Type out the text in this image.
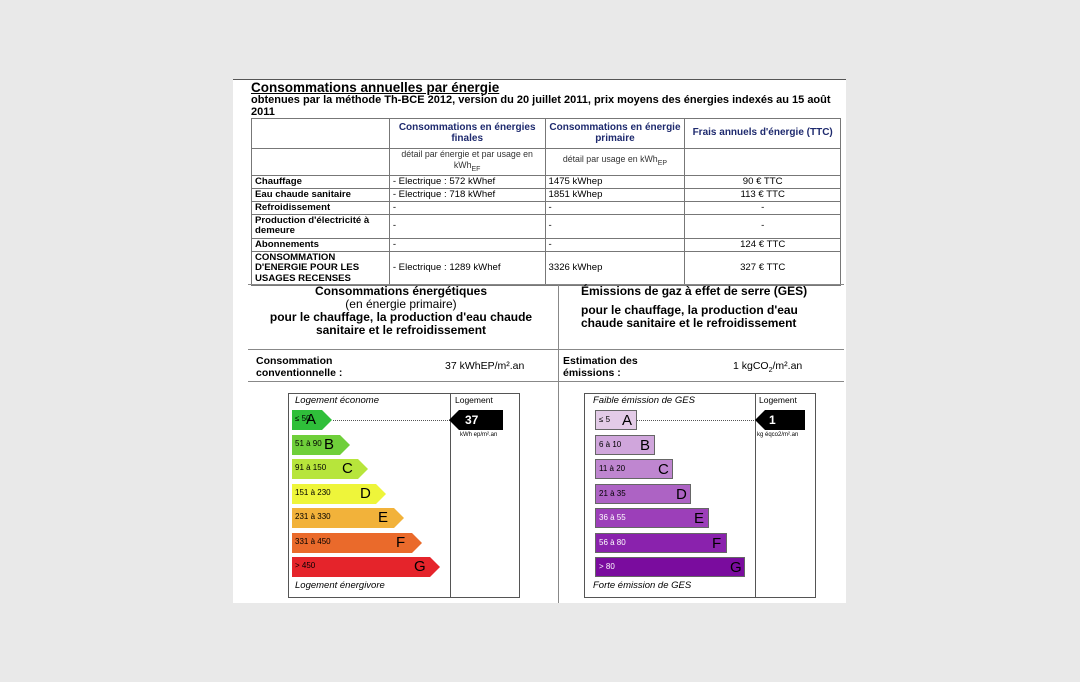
Consommations annuelles par énergie
obtenues par la méthode Th-BCE 2012, version du 20 juillet 2011, prix moyens des énergies indexés au 15 août 2011
	Consommations en énergies finales	Consommations en énergie primaire	Frais annuels d'énergie (TTC)
	détail par énergie et par usage en kWh$_{EF}$	détail par usage en kWh$_{EP}$	
Chauffage	- Electrique : 572 kWhef	1475 kWhep	90 € TTC
Eau chaude sanitaire	- Electrique : 718 kWhef	1851 kWhep	113 € TTC
Refroidissement	-	-	-
Production d'électricité à demeure	-	-	-
Abonnements	-	-	124 € TTC
CONSOMMATION D'ENERGIE POUR LES USAGES RECENSES	- Electrique : 1289 kWhef	3326 kWhep	327 € TTC
Consommations énergétiques
(en énergie primaire)
pour le chauffage, la production d'eau chaude
sanitaire et le refroidissement
Consommation conventionnelle :
37 kWhEP/m².an
Logement économe
Logement énergivore
≤ 50
A
51 à 90 B
91 à 150 C
151 à 230 D
231 à 330	E
331 à 450	F
> 450	G
Logement
37
kWh ep/m².an
Émissions de gaz à effet de serre (GES)
pour le chauffage, la production d'eau
chaude sanitaire et le refroidissement
Estimation des émissions :
1 kgCO$_2$/m².an
Faible émission de GES
Forte émission de GES
≤ 5 A
6 à 10 B
11 à 20 C
21 à 35	D
36 à 55	E
56 à 80	F
> 80	G
Logement
1
kg éqco2/m².an
